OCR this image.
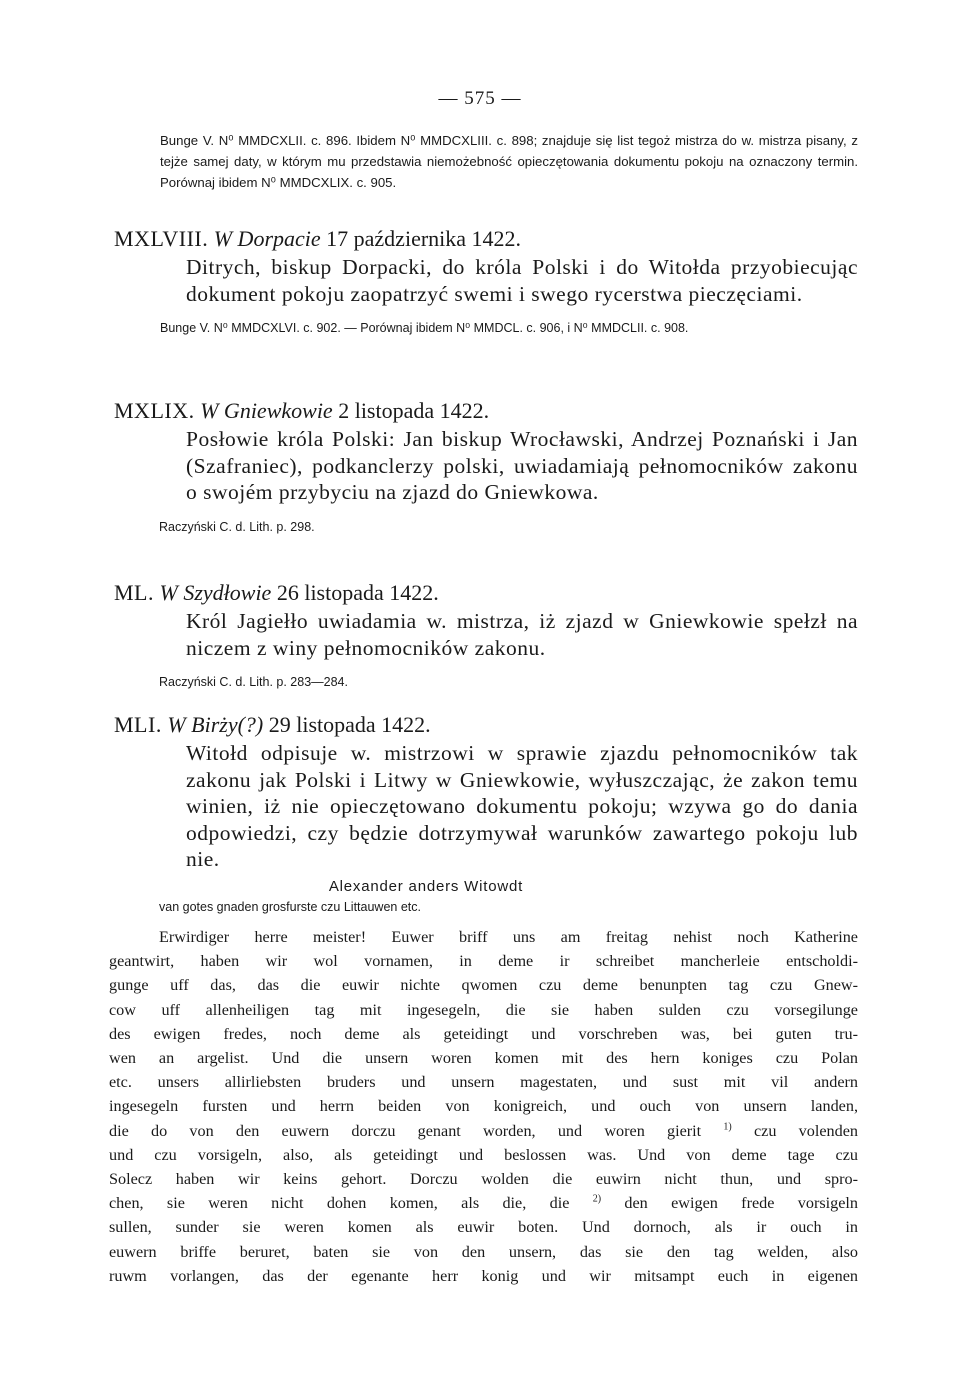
— 575 —
Bunge V. N⁰ MMDCXLII. c. 896. Ibidem N⁰ MMDCXLIII. c. 898; znajduje się list tegoż mistrza do w. mistrza pisany, z tejże samej daty, w którym mu przedstawia niemożebność opieczętowania dokumentu pokoju na oznaczony termin. Porównaj ibidem N⁰ MMDCXLIX. c. 905.
MXLVIII. W Dorpacie 17 października 1422.
Ditrych, biskup Dorpacki, do króla Polski i do Witołda przyobiecując dokument pokoju zaopatrzyć swemi i swego rycerstwa pieczęciami.
Bunge V. N⁰ MMDCXLVI. c. 902. — Porównaj ibidem N⁰ MMDCL. c. 906, i N⁰ MMDCLII. c. 908.
MXLIX. W Gniewkowie 2 listopada 1422.
Posłowie króla Polski: Jan biskup Wrocławski, Andrzej Poznański i Jan (Szafraniec), podkanclerzy polski, uwiadamiają pełnomocników zakonu o swojém przybyciu na zjazd do Gniewkowa.
Raczyński C. d. Lith. p. 298.
ML. W Szydłowie 26 listopada 1422.
Król Jagiełło uwiadamia w. mistrza, iż zjazd w Gniewkowie spełzł na niczem z winy pełnomocników zakonu.
Raczyński C. d. Lith. p. 283—284.
MLI. W Birży(?) 29 listopada 1422.
Witołd odpisuje w. mistrzowi w sprawie zjazdu pełnomocników tak zakonu jak Polski i Litwy w Gniewkowie, wyłuszczając, że zakon temu winien, iż nie opieczętowano dokumentu pokoju; wzywa go do dania odpowiedzi, czy będzie dotrzymywał warunków zawartego pokoju lub nie.
Alexander anders Witowdt
van gotes gnaden grosfurste czu Littauwen etc.
Erwirdiger herre meister! Euwer briff uns am freitag nehist noch Katherine
geantwirt, haben wir wol vornamen, in deme ir schreibet mancherleie entscholdi-
gunge uff das, das die euwir nichte qwomen czu deme benunpten tag czu Gnew-
cow uff allenheiligen tag mit ingesegeln, die sie haben sulden czu vorsegilunge
des ewigen fredes, noch deme als geteidingt und vorschreben was, bei guten tru-
wen an argelist. Und die unsern woren komen mit des hern koniges czu Polan
etc. unsers allirliebsten bruders und unsern magestaten, und sust mit vil andern
ingesegeln fursten und herrn beiden von konigreich, und ouch von unsern landen,
die do von den euwern dorczu genant worden, und woren gierit $^{1)}$ czu volenden
und czu vorsigeln, also, als geteidingt und beslossen was. Und von deme tage czu
Solecz haben wir keins gehort. Dorczu wolden die euwirn nicht thun, und spro-
chen, sie weren nicht dohen komen, als die, die $^{2)}$ den ewigen frede vorsigeln
sullen, sunder sie weren komen als euwir boten. Und dornoch, als ir ouch in
euwern briffe beruret, baten sie von den unsern, das sie den tag welden, also
ruwm vorlangen, das der egenante herr konig und wir mitsampt euch in eigenen
